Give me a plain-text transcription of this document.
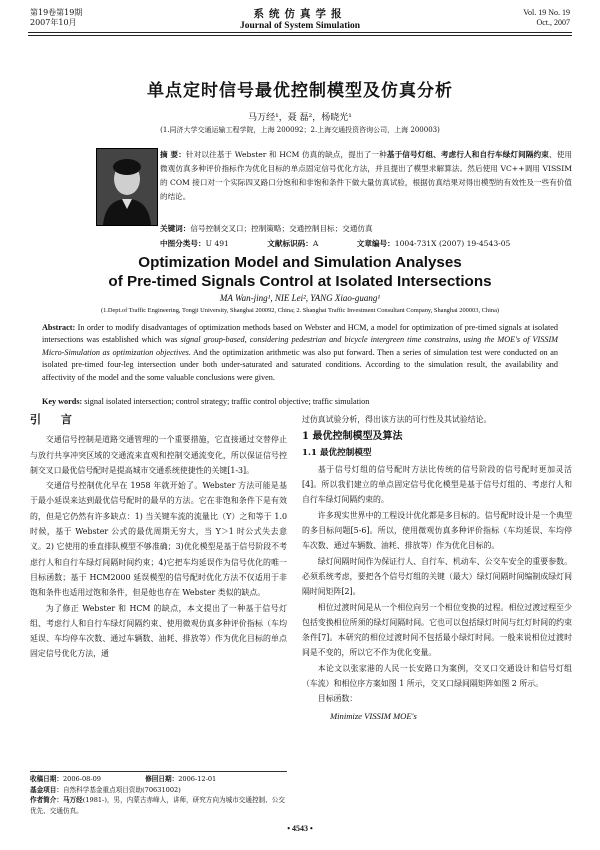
第19卷第19期
2007年10月
系统仿真学报
Journal of System Simulation
Vol. 19 No. 19
Oct., 2007
单点定时信号最优控制模型及仿真分析
马万经¹，聂 磊²，杨晓光¹
(1.同济大学交通运输工程学院，上海 200092；2.上海交通投资咨询公司，上海 200003)
摘 要：针对以往基于 Webster 和 HCM 仿真的缺点，提出了一种基于信号灯组、考虑行人和自行车绿灯间隔约束、使用微观仿真多种评价指标作为优化目标的单点固定信号优化方法，并且提出了模型求解算法。然后使用 VC++调用 VISSIM 的 COM 接口对一个实际四叉路口分饱和和非饱和条件下做大量仿真试验，根据仿真结果对得出模型的有效性及一些有价值的结论。
关键词：信号控制交叉口；控制策略；交通控制目标；交通仿真
中图分类号：U 491	文献标识码：A	文章编号：1004-731X (2007) 19-4543-05
Optimization Model and Simulation Analyses
of Pre-timed Signals Control at Isolated Intersections
MA Wan-jing¹, NIE Lei², YANG Xiao-guang¹
(1.Dept.of Traffic Engineering, Tongji University, Shanghai 200092, China; 2. Shanghai Traffic Investment Consultant Company, Shanghai 200003, China)
Abstract: In order to modify disadvantages of optimization methods based on Webster and HCM, a model for optimization of pre-timed signals at isolated intersections was established which was signal group-based, considering pedestrian and bicycle intergreen time constrains, using the MOE's of VISSIM Micro-Simulation as optimization objectives. And the optimization arithmetic was also put forward. Then a series of simulation test were conducted on an isolated pre-timed four-leg intersection under both under-saturated and saturated conditions. According to the simulation result, the availability and affectivity of the model and the some valuable conclusions were given.
Key words: signal isolated intersection; control strategy; traffic control objective; traffic simulation
引 言

交通信号控制是道路交通管理的一个重要措施，它直接通过交替停止与放行共享冲突区域的交通流来直观和控制交通流变化，所以保证信号控制交叉口最优信号配时是提高城市交通系统使捷性的关键[1-3]。

交通信号控制优化早在 1958 年就开始了。Webster 方法可能是基于最小延误来达到最优信号配时的最早的方法。它在非饱和条件下是有效的，但是它仍然有许多缺点：1) 当关键车流的流量比（Y）之和等于 1.0 时候，基于 Webster 公式的最优周期无穷大，当 Y＞1 时公式失去意义。2) 它使用的垂直排队模型不够准确；3)优化模型是基于信号阶段不考虑行人和自行车绿灯间隔时间约束；4)它把车均延误作为信号优化的唯一目标函数；基于 HCM2000 延误模型的信号配时优化方法不仅适用于非饱和条件也适用过饱和条件，但是他也存在 Webster 类似的缺点。

为了修正 Webster 和 HCM 的缺点，本文提出了一种基于信号灯组、考虑行人和自行车绿灯间隔约束、使用微观仿真多种评价指标（车均延误、车均停车次数、通过车辆数、油耗、排放等）作为优化目标的单点固定信号优化方法，通

收稿日期：2006-08-09	修回日期：2006-12-01
基金项目：自然科学基金重点项目资助(70631002)
作者简介：马万经(1981-)，男，内蒙古赤峰人，讲师，研究方向为城市交通控制、公交优先、交通仿真。

过仿真试验分析，得出该方法的可行性及其试验结论。

1 最优控制模型及算法
1.1 最优控制模型

基于信号灯组的信号配时方法比传统的信号阶段的信号配时更加灵活[4]。所以我们建立的单点固定信号优化模型是基于信号灯组的、考虑行人和自行车绿灯间隔约束的。

许多现实世界中的工程设计优化都是多目标的。信号配时设计是一个典型的多目标问题[5-6]。所以，使用微观仿真多种评价指标（车均延误、车均停车次数、通过车辆数、油耗、排放等）作为优化目标的。

绿灯间隔时间作为保证行人、自行车、机动车、公交车安全的重要参数。必须系统考虑，要把各个信号灯组的关键（最大）绿灯间隔时间编制成绿灯间隔时间矩阵[2]。

相位过渡时间是从一个相位向另一个相位变换的过程。相位过渡过程至少包括变换相位所须的绿灯间隔时间。它也可以包括绿灯时间与红灯时间的约束条件[7]。本研究的相位过渡时间不包括最小绿灯时间。一般来说相位过渡时间是不变的，所以它不作为优化变量。

本论文以张家港的人民一长安路口为案例，交叉口交通设计和信号灯组（车流）和相位序方案如图 1 所示，交叉口绿间隔矩阵如图 2 所示。

目标函数：

Minimize VISSIM MOE's
• 4543 •
